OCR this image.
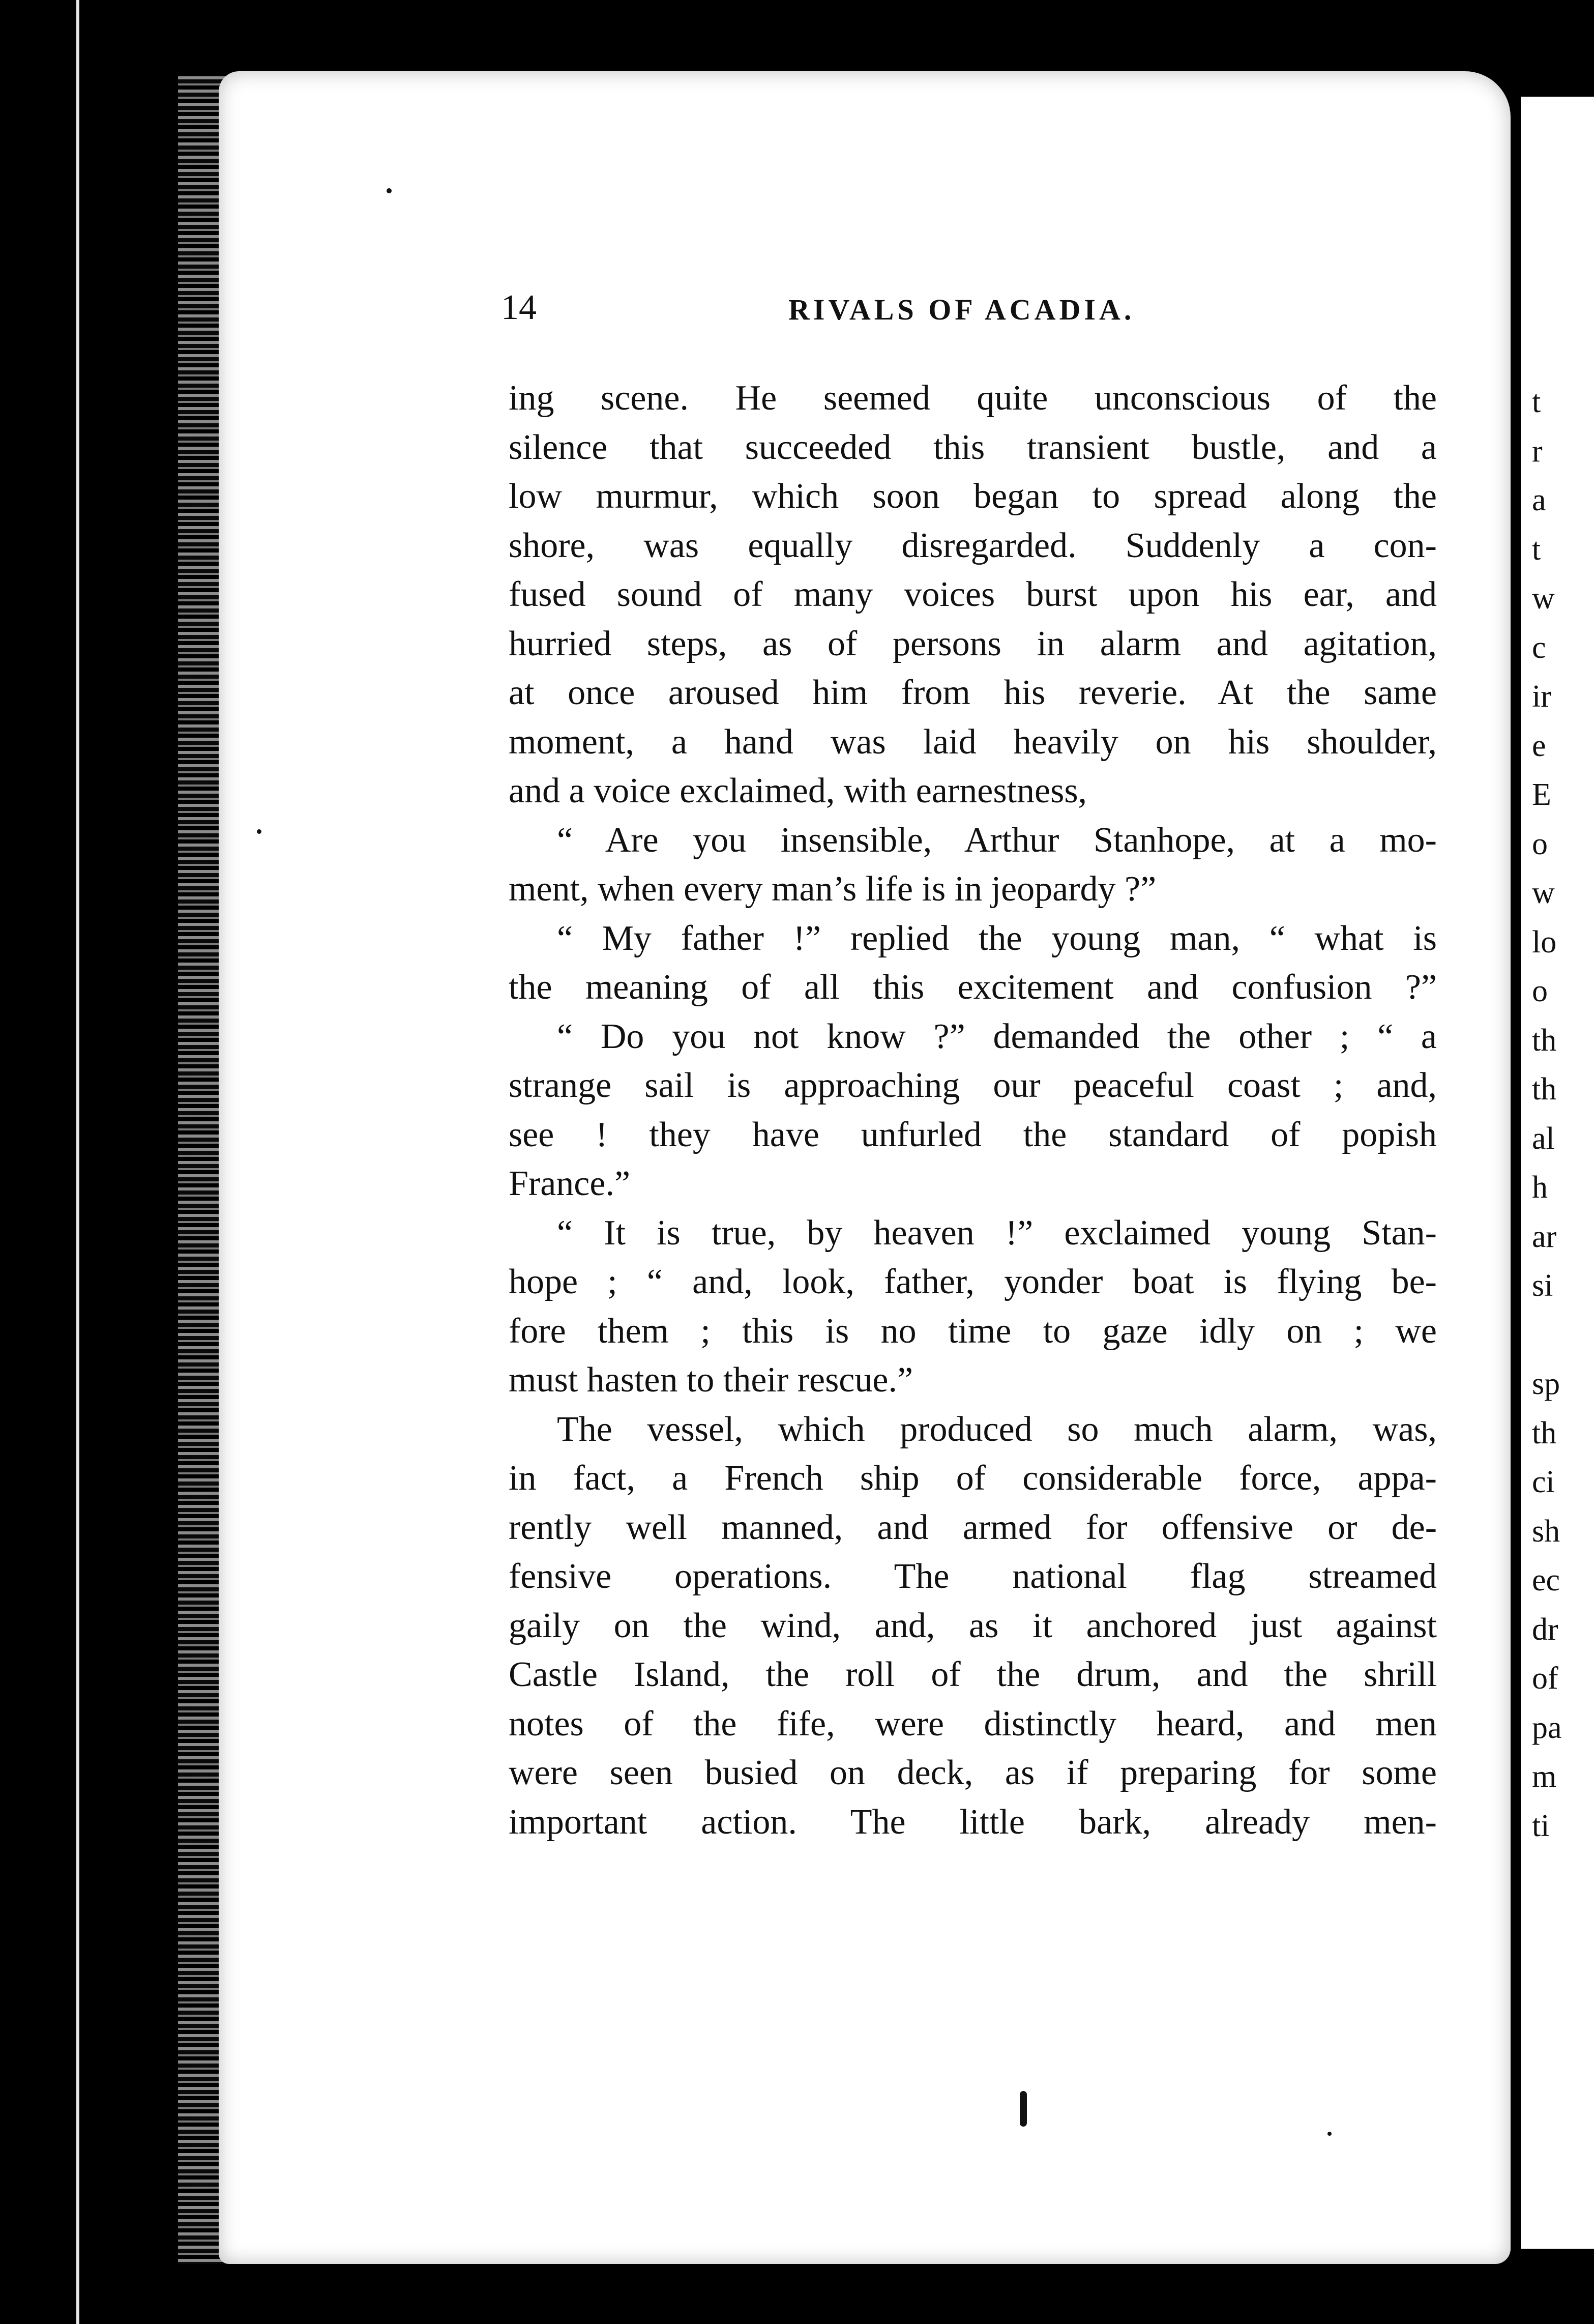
t
r
a
t
w
c
ir
e
E
o
w
lo
o
th
th
al
h
ar
si

sp
th
ci
sh
ec
dr
of
pa
m
ti
14	RIVALS OF ACADIA.
ing scene. He seemed quite unconscious of the
silence that succeeded this transient bustle, and a
low murmur, which soon began to spread along the
shore, was equally disregarded. Suddenly a con-
fused sound of many voices burst upon his ear, and
hurried steps, as of persons in alarm and agitation,
at once aroused him from his reverie. At the same
moment, a hand was laid heavily on his shoulder,
and a voice exclaimed, with earnestness,
“ Are you insensible, Arthur Stanhope, at a mo-
ment, when every man’s life is in jeopardy ?”
“ My father !” replied the young man, “ what is
the meaning of all this excitement and confusion ?”
“ Do you not know ?” demanded the other ; “ a
strange sail is approaching our peaceful coast ; and,
see ! they have unfurled the standard of popish
France.”
“ It is true, by heaven !” exclaimed young Stan-
hope ; “ and, look, father, yonder boat is flying be-
fore them ; this is no time to gaze idly on ; we
must hasten to their rescue.”
The vessel, which produced so much alarm, was,
in fact, a French ship of considerable force, appa-
rently well manned, and armed for offensive or de-
fensive operations. The national flag streamed
gaily on the wind, and, as it anchored just against
Castle Island, the roll of the drum, and the shrill
notes of the fife, were distinctly heard, and men
were seen busied on deck, as if preparing for some
important action. The little bark, already men-
